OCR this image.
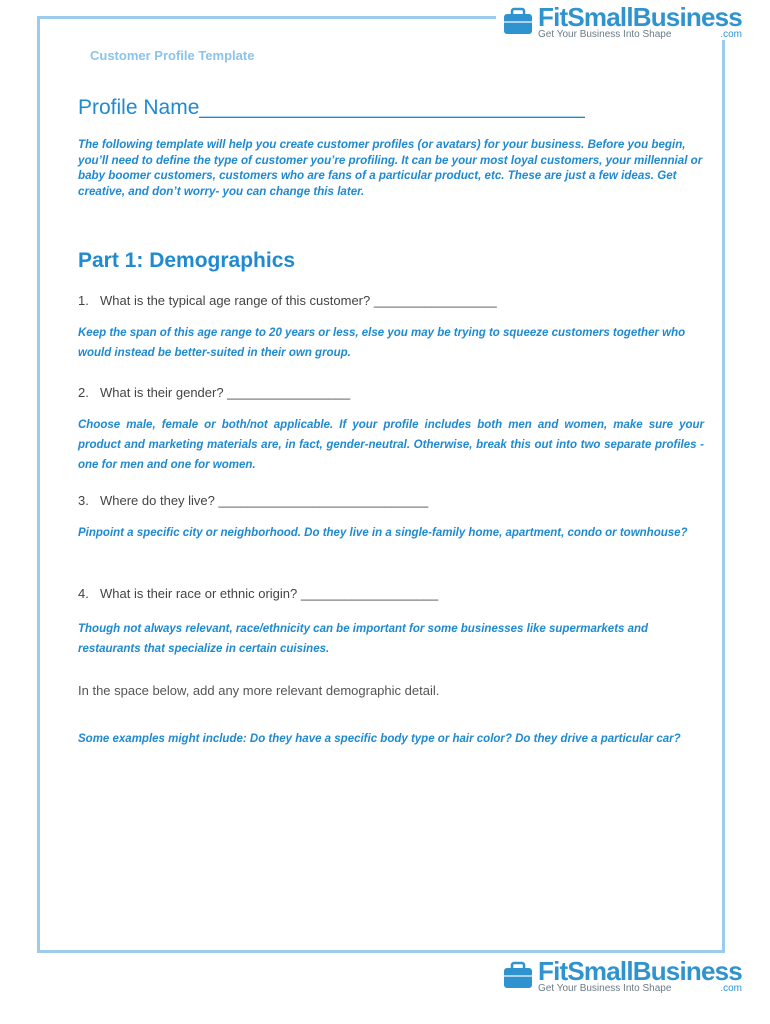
FitSmallBusiness
Get Your Business Into Shape	.com
Customer Profile Template
Profile Name_________________________________
The following template will help you create customer profiles (or avatars) for your business. Before you begin, you’ll need to define the type of customer you’re profiling. It can be your most loyal customers, your millennial or baby boomer customers, customers who are fans of a particular product, etc. These are just a few ideas. Get creative, and don’t worry- you can change this later.
Part 1: Demographics
1. What is the typical age range of this customer? _________________
Keep the span of this age range to 20 years or less, else you may be trying to squeeze customers together who would instead be better-suited in their own group.
2. What is their gender? _________________
Choose male, female or both/not applicable. If your profile includes both men and women, make sure your product and marketing materials are, in fact, gender-neutral. Otherwise, break this out into two separate profiles - one for men and one for women.
3. Where do they live? _____________________________
Pinpoint a specific city or neighborhood. Do they live in a single-family home, apartment, condo or townhouse?
4. What is their race or ethnic origin? ___________________
Though not always relevant, race/ethnicity can be important for some businesses like supermarkets and restaurants that specialize in certain cuisines.
In the space below, add any more relevant demographic detail.
Some examples might include: Do they have a specific body type or hair color? Do they drive a particular car?
FitSmallBusiness
Get Your Business Into Shape	.com
